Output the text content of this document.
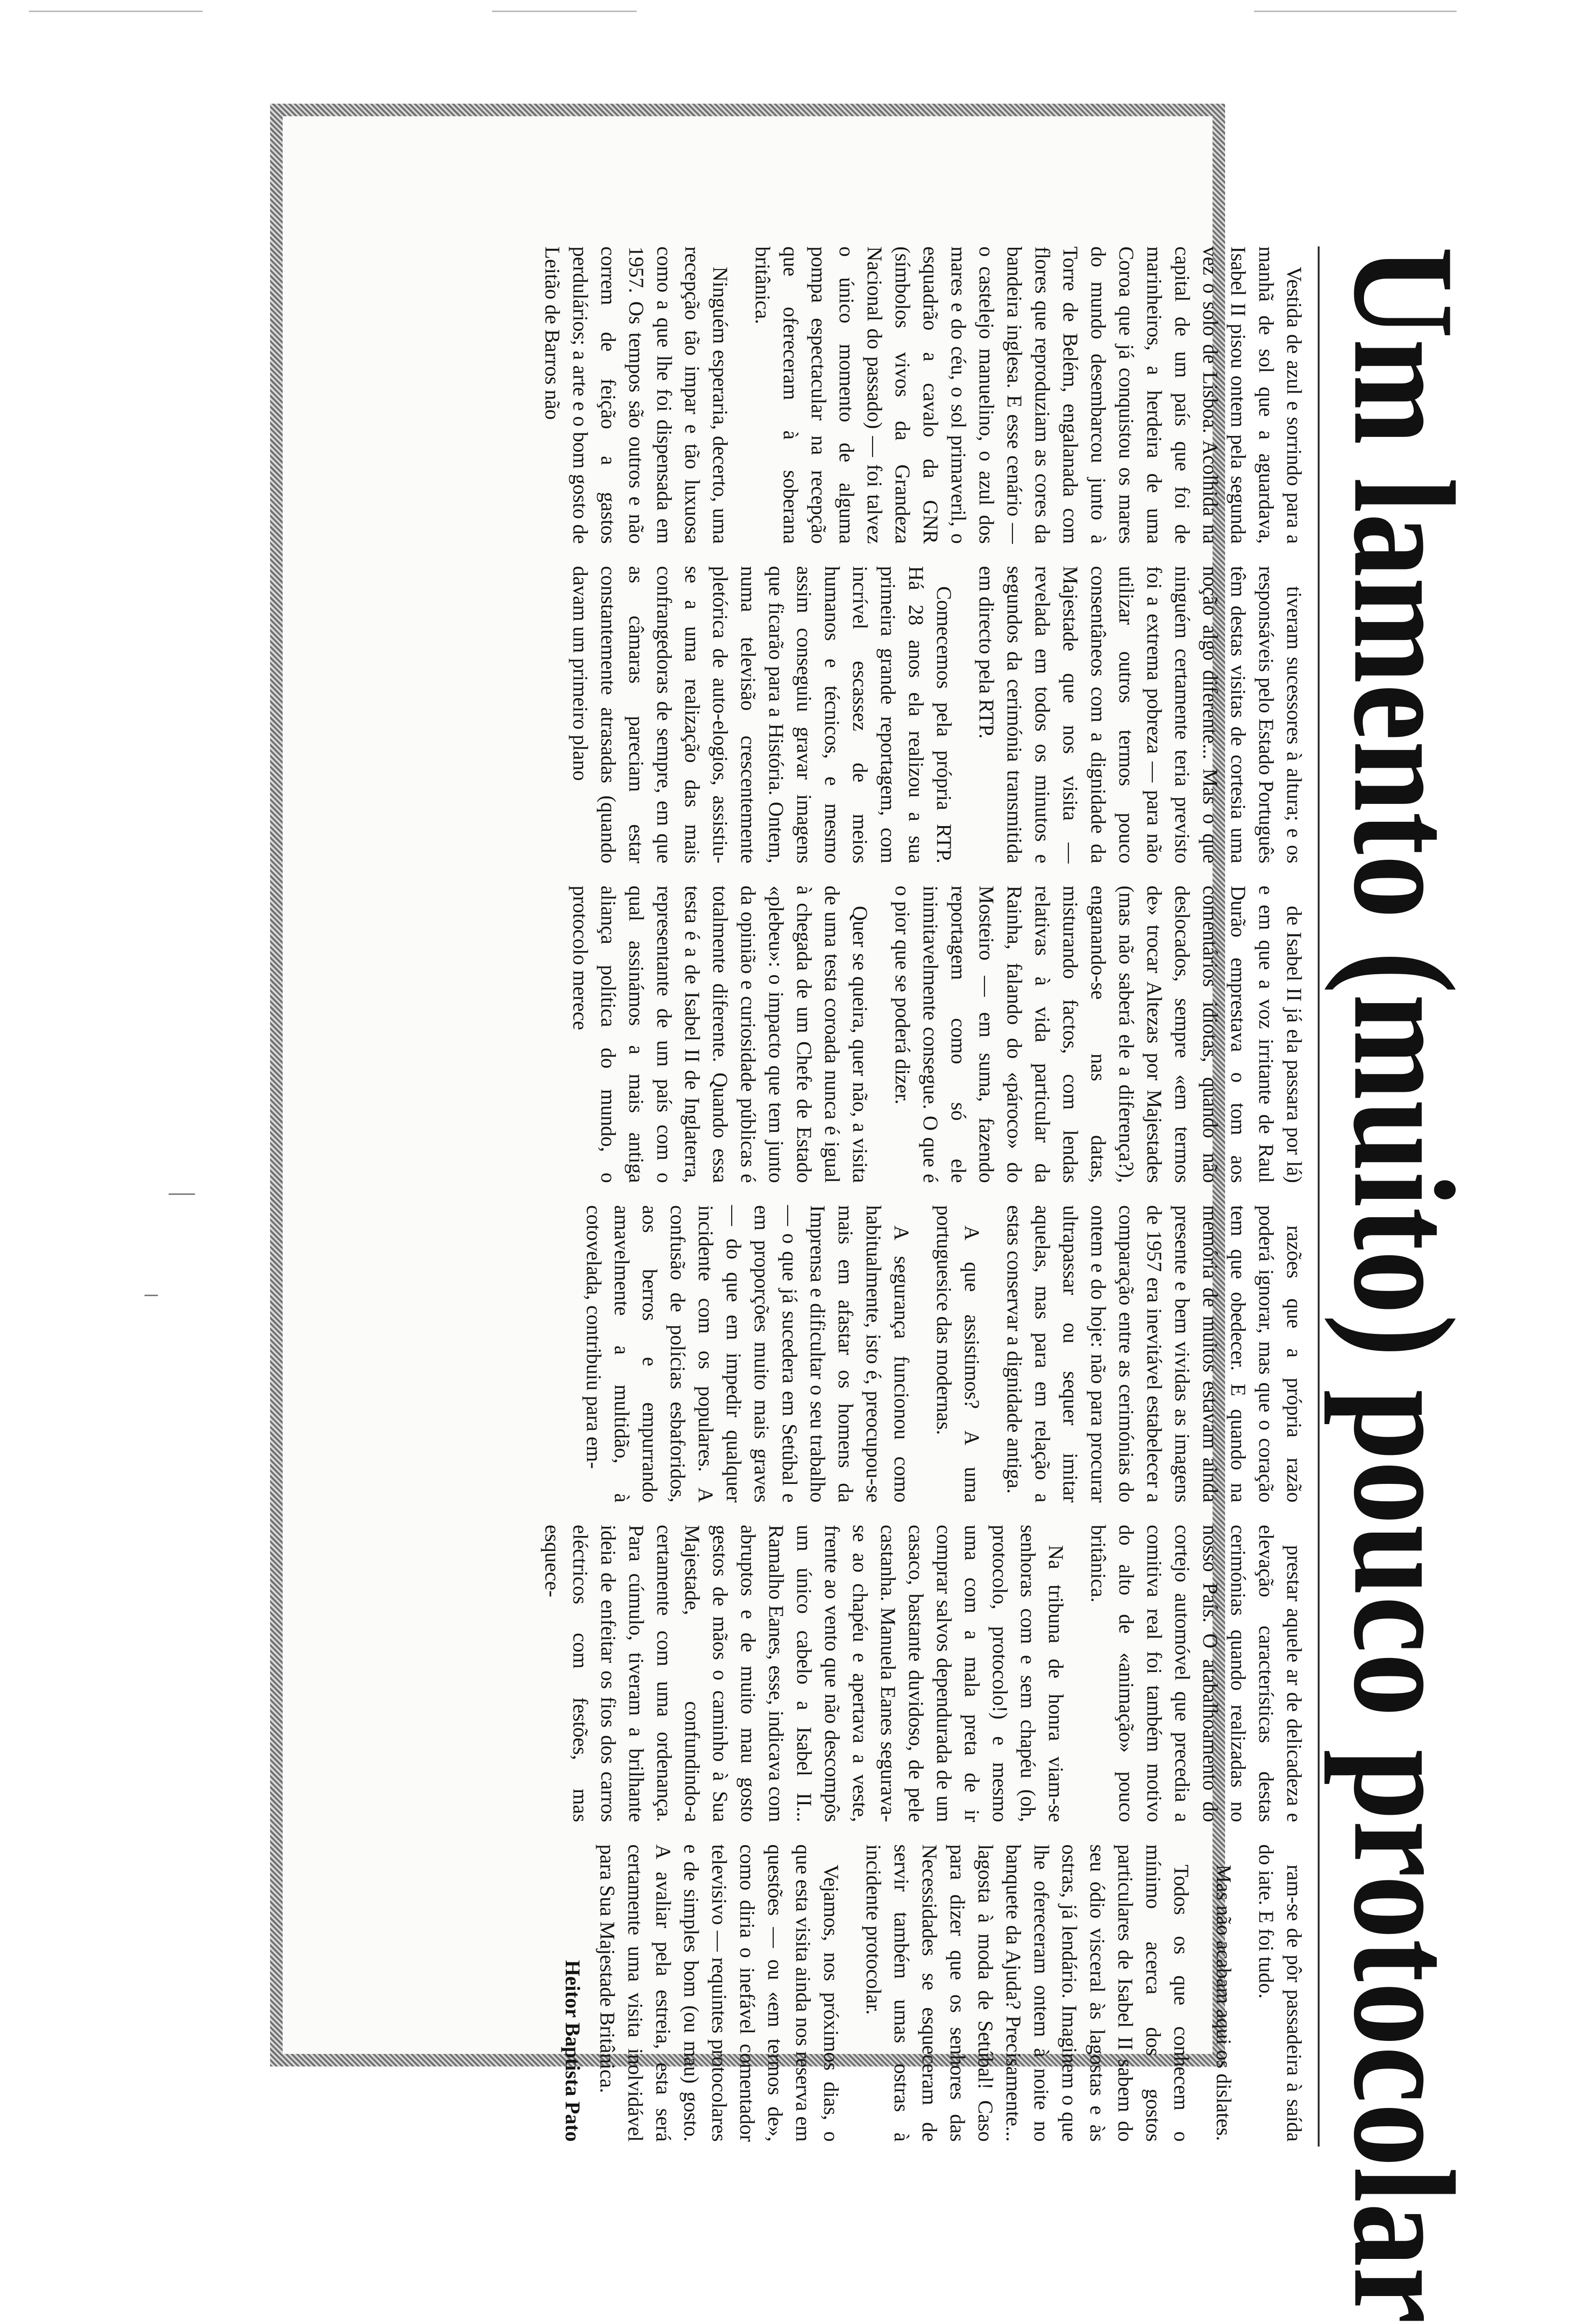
—
–	Um lamento (muito) pouco protocolar

Vestida de azul e sorrindo para a manhã de sol que a aguardava, Isabel II pisou ontem pela segunda vez o solo de Lisboa. Acolhida na capital de um país que foi de marinheiros, a herdeira de uma Coroa que já conquistou os mares do mundo desembarcou junto à Torre de Belém, engalanada com flores que reproduziam as cores da bandeira inglesa. E esse cenário — o castelejo manuelino, o azul dos mares e do céu, o sol primaveril, o esquadrão a cavalo da GNR (símbolos vivos da Grandeza Nacional do passado) — foi talvez o único momento de alguma pompa espectacular na recepção que ofereceram à soberana britânica.

Ninguém esperaria, decerto, uma recepção tão impar e tão luxuosa como a que lhe foi dispensada em 1957. Os tempos são outros e não correm de feição a gastos perdulários; a arte e o bom gosto de Leitão de Barros não

tiveram sucessores à altura; e os responsáveis pelo Estado Português têm destas visitas de cortesia uma noção algo diferente... Mas o que ninguém certamente teria previsto foi a extrema pobreza — para não utilizar outros termos pouco consentâneos com a dignidade da Majestade que nos visita — revelada em todos os minutos e segundos da cerimónia transmitida em directo pela RTP.

Comecemos pela própria RTP. Há 28 anos ela realizou a sua primeira grande reportagem, com incrível escassez de meios humanos e técnicos, e mesmo assim conseguiu gravar imagens que ficarão para a História. Ontem, numa televisão crescentemente pletórica de auto-elogios, assistiu-se a uma realização das mais confrangedoras de sempre, em que as câmaras pareciam estar constantemente atrasadas (quando davam um primeiro plano

de Isabel II já ela passara por lá) e em que a voz irritante de Raul Durão emprestava o tom aos comentários idiotas, quando não deslocados, sempre «em termos de» trocar Altezas por Majestades (mas não saberá ele a diferença?), enganando-se nas datas, misturando factos, com lendas relativas à vida particular da Rainha, falando do «pároco» do Mosteiro — em suma, fazendo reportagem como só ele inimitavelmente consegue. O que é o pior que se poderá dizer.

Quer se queira, quer não, a visita de uma testa coroada nunca é igual à chegada de um Chefe de Estado «plebeu»: o impacto que tem junto da opinião e curiosidade públicas é totalmente diferente. Quando essa testa é a de Isabel II de Inglaterra, representante de um país com o qual assinámos a mais antiga aliança política do mundo, o protocolo merece

razões que a própria razão poderá ignorar, mas que o coração tem que obedecer. E quando na memória de muitos estavam ainda presente e bem vividas as imagens de 1957 era inevitável estabelecer a comparação entre as cerimónias do ontem e do hoje: não para procurar ultrapassar ou sequer imitar aquelas, mas para em relação a estas conservar a dignidade antiga.

A que assistimos? A uma portuguesice das modernas.

A segurança funcionou como habitualmente, isto é, preocupou-se mais em afastar os homens da Imprensa e dificultar o seu trabalho — o que já sucedera em Setúbal e em proporções muito mais graves — do que em impedir qualquer incidente com os populares. A confusão de polícias esbaforidos, aos berros e empurrando amavelmente a multidão, à cotovelada, contribuiu para em-

prestar aquele ar de delicadeza e elevação características destas cerimónias quando realizadas no nosso País. O atabalhoamento do cortejo automóvel que precedia a comitiva real foi também motivo do alto de «animação» pouco britânica.

Na tribuna de honra viam-se senhoras com e sem chapéu (oh, protocolo, protocolo!) e mesmo uma com a mala preta de ir comprar salvos dependurada de um casaco, bastante duvidoso, de pele castanha. Manuela Eanes segurava-se ao chapéu e apertava a veste, frente ao vento que não descompôs um único cabelo a Isabel II... Ramalho Eanes, esse, indicava com abruptos e de muito mau gosto gestos de mãos o caminho à Sua Majestade, confundindo-a certamente com uma ordenança. Para cúmulo, tiveram a brilhante ideia de enfeitar os fios dos carros eléctricos com festões, mas esquece-

ram-se de pôr passadeira à saída do iate. E foi tudo.

Mas não acabam aqui os dislates.

Todos os que conhecem o mínimo acerca dos gostos particulares de Isabel II sabem do seu ódio visceral às lagostas e às ostras, já lendário. Imaginem o que lhe ofereceram ontem à noite no banquete da Ajuda? Precisamente... lagosta à moda de Setúbal! Caso para dizer que os senhores das Necessidades se esqueceram de servir também umas ostras à incidente protocolar.

Vejamos, nos próximos dias, o que esta visita ainda nos reserva em questões — ou «em termos de», como diria o inefável comentador televisivo — requintes protocolares e de simples bom (ou mau) gosto. A avaliar pela estreia, esta será certamente uma visita inolvidável para Sua Majestade Britânica.

Heitor Baptista Pato
